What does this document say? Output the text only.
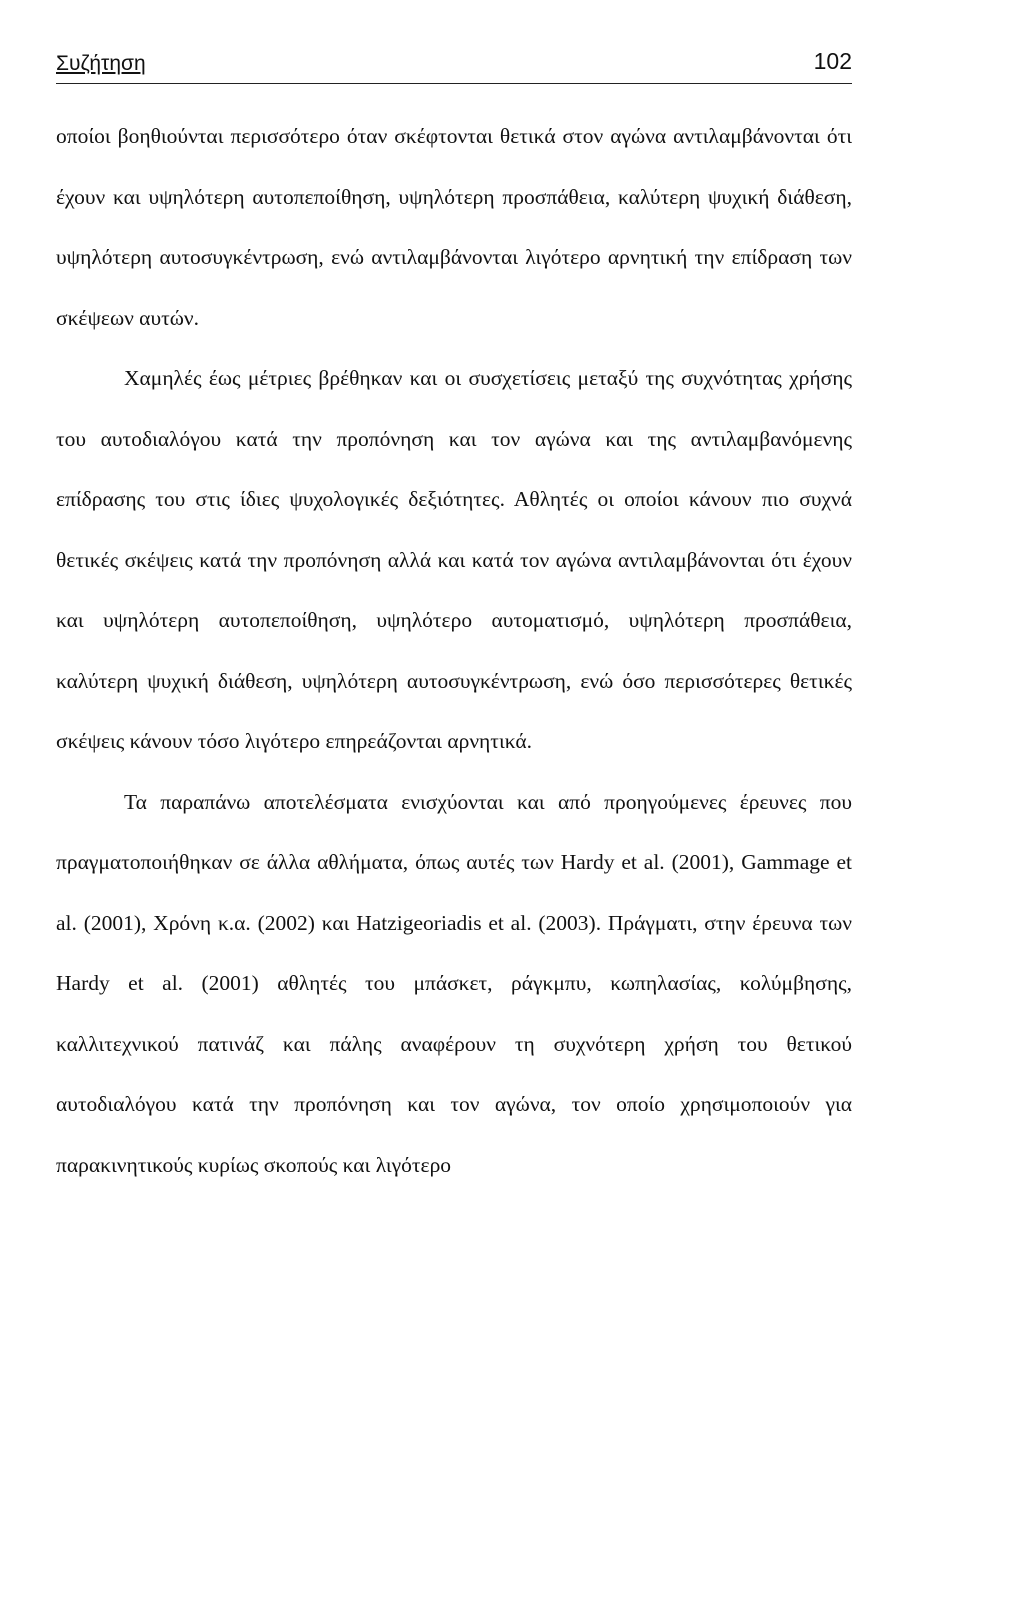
Συζήτηση	102

οποίοι βοηθιούνται περισσότερο όταν σκέφτονται θετικά στον αγώνα αντιλαμβάνονται ότι έχουν και υψηλότερη αυτοπεποίθηση, υψηλότερη προσπάθεια, καλύτερη ψυχική διάθεση, υψηλότερη αυτοσυγκέντρωση, ενώ αντιλαμβάνονται λιγότερο αρνητική την επίδραση των σκέψεων αυτών.

Χαμηλές έως μέτριες βρέθηκαν και οι συσχετίσεις μεταξύ της συχνότητας χρήσης του αυτοδιαλόγου κατά την προπόνηση και τον αγώνα και της αντιλαμβανόμενης επίδρασης του στις ίδιες ψυχολογικές δεξιότητες. Αθλητές οι οποίοι κάνουν πιο συχνά θετικές σκέψεις κατά την προπόνηση αλλά και κατά τον αγώνα αντιλαμβάνονται ότι έχουν και υψηλότερη αυτοπεποίθηση, υψηλότερο αυτοματισμό, υψηλότερη προσπάθεια, καλύτερη ψυχική διάθεση, υψηλότερη αυτοσυγκέντρωση, ενώ όσο περισσότερες θετικές σκέψεις κάνουν τόσο λιγότερο επηρεάζονται αρνητικά.

Τα παραπάνω αποτελέσματα ενισχύονται και από προηγούμενες έρευνες που πραγματοποιήθηκαν σε άλλα αθλήματα, όπως αυτές των Hardy et al. (2001), Gammage et al. (2001), Χρόνη κ.α. (2002) και Hatzigeoriadis et al. (2003). Πράγματι, στην έρευνα των Hardy et al. (2001) αθλητές του μπάσκετ, ράγκμπυ, κωπηλασίας, κολύμβησης, καλλιτεχνικού πατινάζ και πάλης αναφέρουν τη συχνότερη χρήση του θετικού αυτοδιαλόγου κατά την προπόνηση και τον αγώνα, τον οποίο χρησιμοποιούν για παρακινητικούς κυρίως σκοπούς και λιγότερο
